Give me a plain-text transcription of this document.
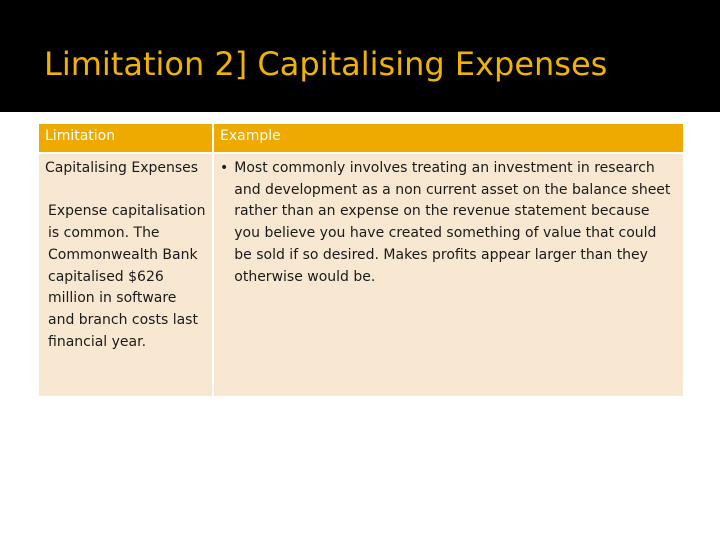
Limitation 2] Capitalising Expenses
Limitation	Example

Capitalising Expenses
Expense capitalisation is common. The Commonwealth Bank capitalised $626 million in software and branch costs last financial year.	• Most commonly involves treating an investment in research and development as a non current asset on the balance sheet rather than an expense on the revenue statement because you believe you have created something of value that could be sold if so desired. Makes profits appear larger than they otherwise would be.
